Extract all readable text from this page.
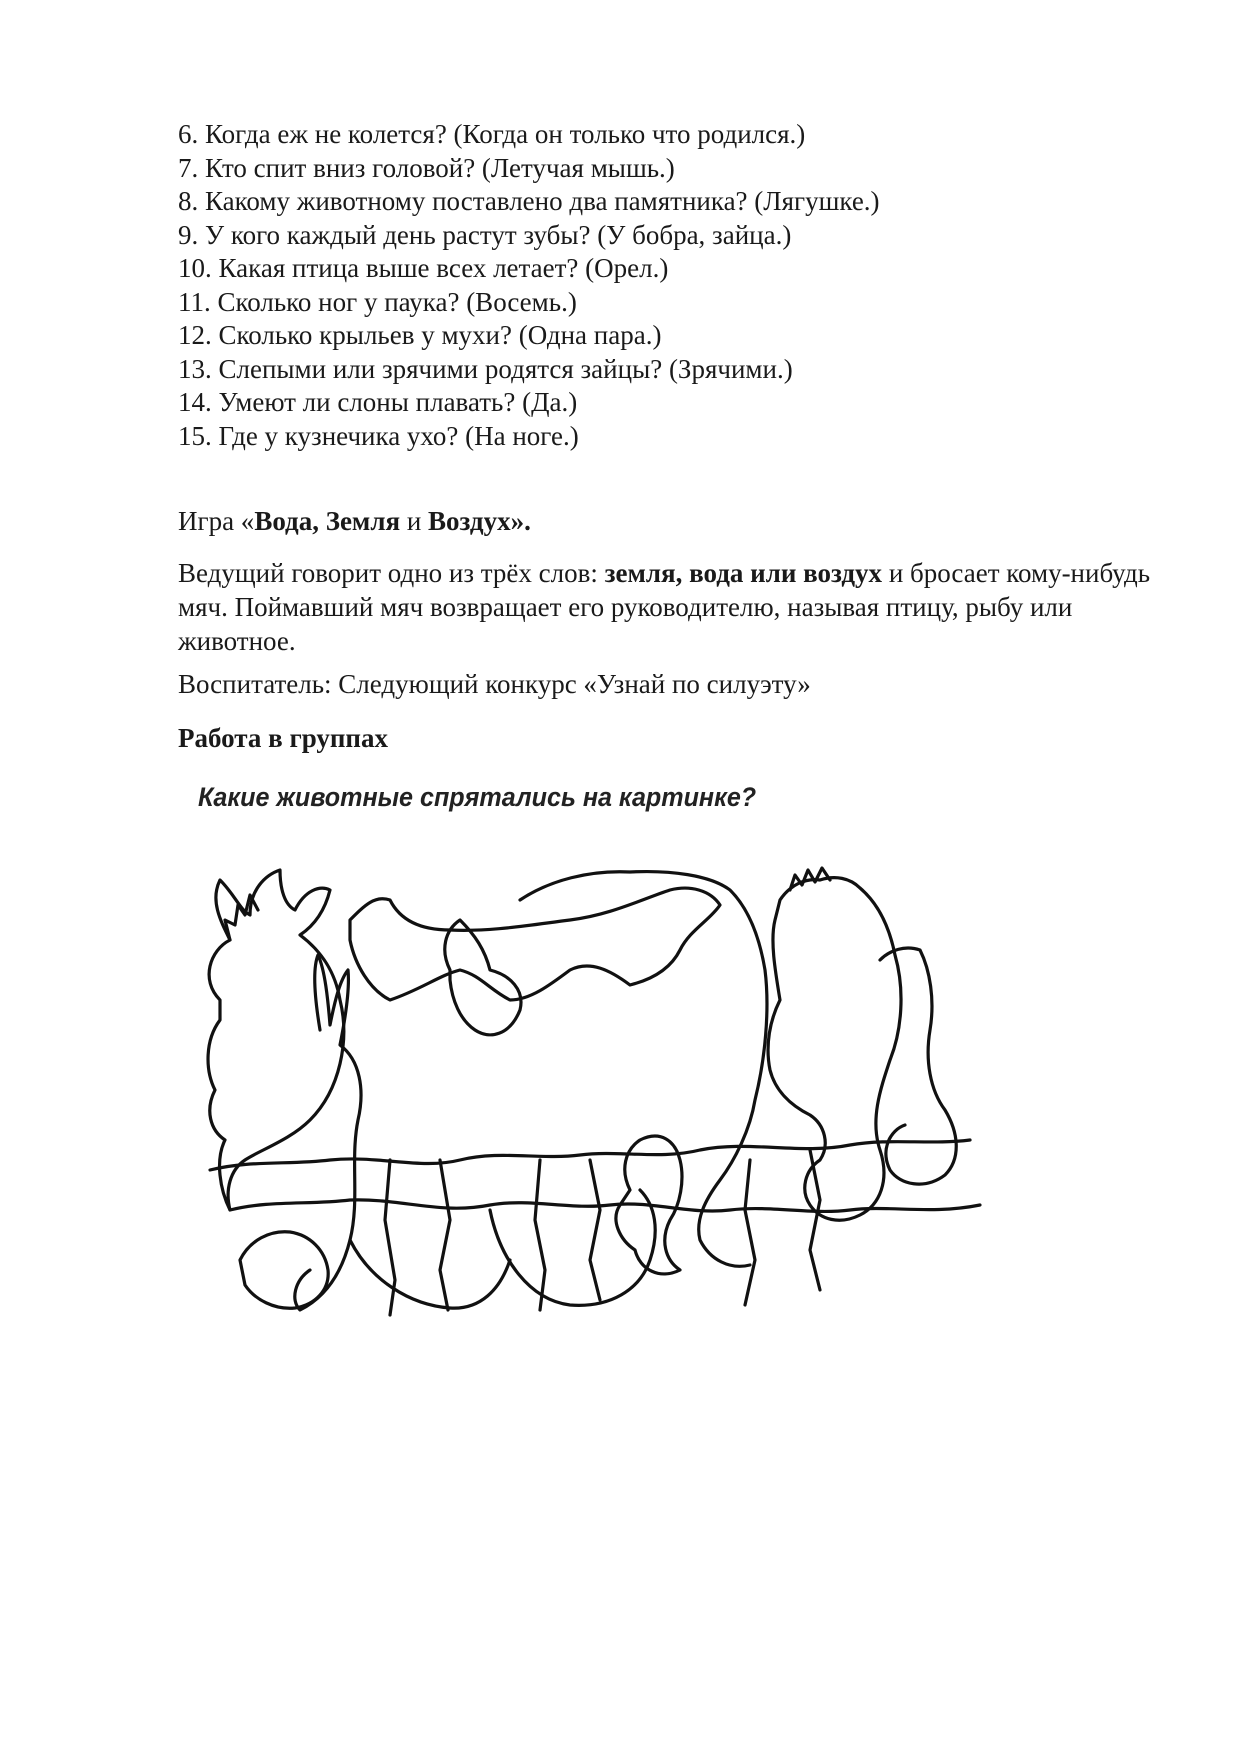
6. Когда еж не колется? (Когда он только что родился.)
7. Кто спит вниз головой? (Летучая мышь.)
8. Какому животному поставлено два памятника? (Лягушке.)
9. У кого каждый день растут зубы? (У бобра, зайца.)
10. Какая птица выше всех летает? (Орел.)
11. Сколько ног у паука? (Восемь.)
12. Сколько крыльев у мухи? (Одна пара.)
13. Слепыми или зрячими родятся зайцы? (Зрячими.)
14. Умеют ли слоны плавать? (Да.)
15. Где у кузнечика ухо? (На ноге.)

Игра «Вода, Земля и Воздух».

Ведущий говорит одно из трёх слов: земля, вода или воздух и бросает кому-нибудь мяч. Поймавший мяч возвращает его руководителю, называя птицу, рыбу или животное.

Воспитатель: Следующий конкурс «Узнай по силуэту»

Работа в группах

Какие животные спрятались на картинке?
